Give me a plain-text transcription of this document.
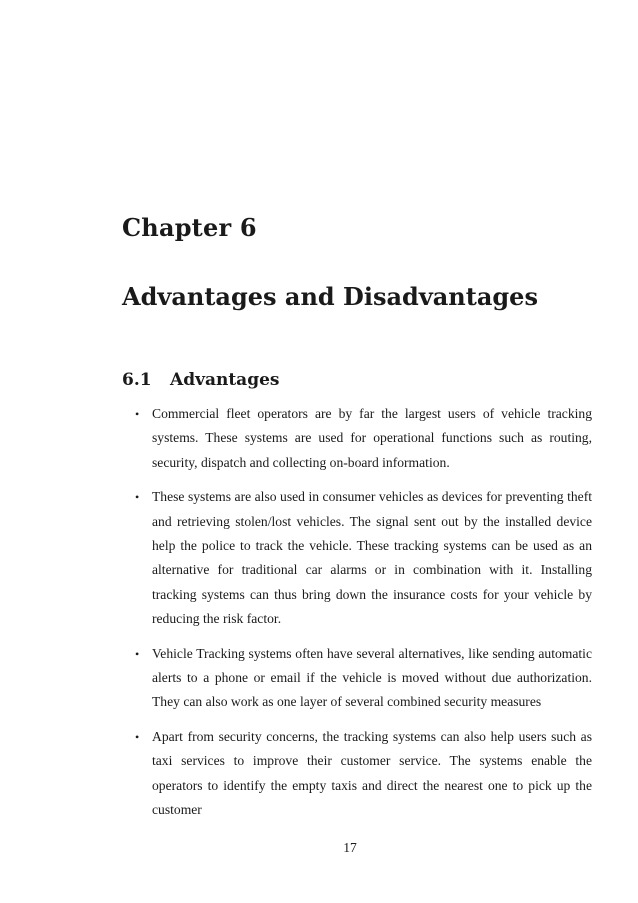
Chapter 6
Advantages and Disadvantages
6.1 Advantages
• Commercial fleet operators are by far the largest users of vehicle tracking systems. These systems are used for operational functions such as routing, security, dispatch and collecting on-board information.
• These systems are also used in consumer vehicles as devices for preventing theft and retrieving stolen/lost vehicles. The signal sent out by the installed device help the police to track the vehicle. These tracking systems can be used as an alternative for traditional car alarms or in combination with it. Installing tracking systems can thus bring down the insurance costs for your vehicle by reducing the risk factor.
• Vehicle Tracking systems often have several alternatives, like sending automatic alerts to a phone or email if the vehicle is moved without due authorization. They can also work as one layer of several combined security measures
• Apart from security concerns, the tracking systems can also help users such as taxi services to improve their customer service. The systems enable the operators to identify the empty taxis and direct the nearest one to pick up the customer

17
